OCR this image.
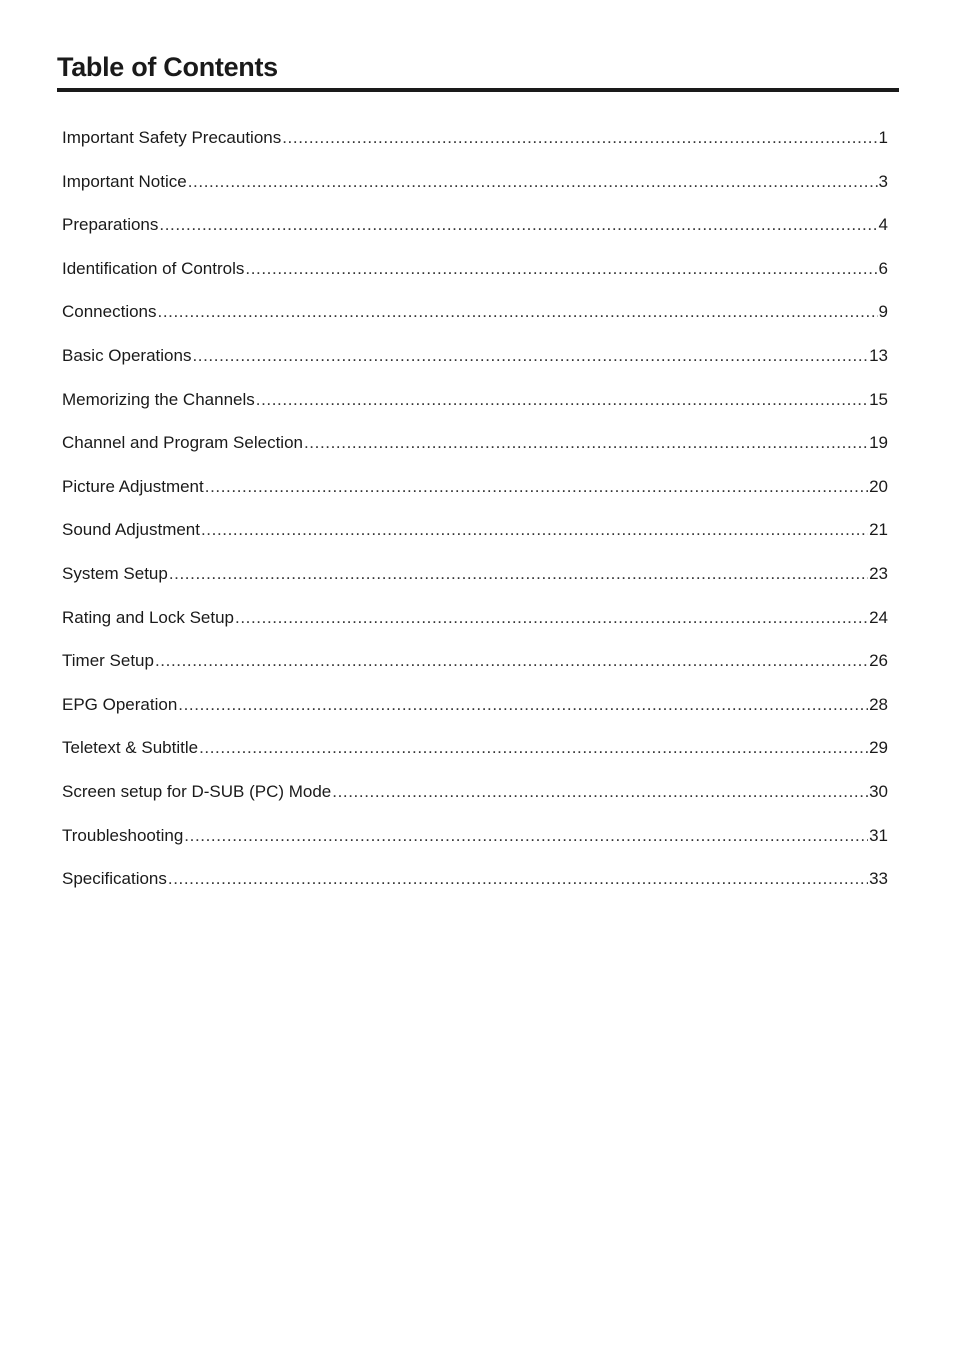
Table of Contents
Important Safety Precautions .....	1
Important Notice .....	3
Preparations .....	4
Identification of Controls .....	6
Connections .....	9
Basic Operations .....	13
Memorizing the Channels .....	15
Channel and Program Selection .....	19
Picture Adjustment .....	20
Sound Adjustment .....	21
System Setup .....	23
Rating and Lock Setup .....	24
Timer Setup .....	26
EPG Operation .....	28
Teletext & Subtitle .....	29
Screen setup for D-SUB (PC) Mode .....	30
Troubleshooting .....	31
Specifications .....	33
